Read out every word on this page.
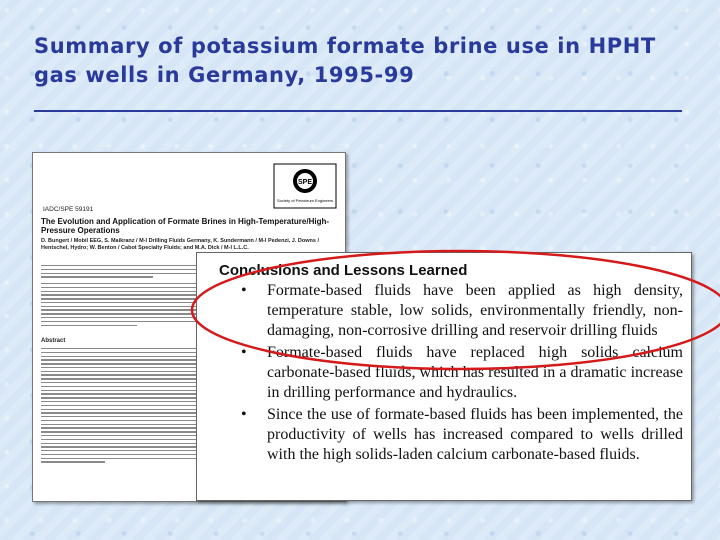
Summary of potassium formate brine use in HPHT gas wells in Germany, 1995-99
SPE
Society of Petroleum Engineers
IADC/SPE 59191
The Evolution and Application of Formate Brines in High-Temperature/High-Pressure Operations
D. Bungert / Mobil EEG, S. Maikranz / M-I Drilling Fluids Germany, K. Sundermann / M-I Pedenzi, J. Downs / Hentschel, Hydro; W. Benton / Cabot Specialty Fluids; and M.A. Dick / M-I L.L.C.
Abstract
Conclusions and Lessons Learned
• Formate-based fluids have been applied as high density, temperature stable, low solids, environmentally friendly, non-damaging, non-corrosive drilling and reservoir drilling fluids
• Formate-based fluids have replaced high solids calcium carbonate-based fluids, which has resulted in a dramatic increase in drilling performance and hydraulics.
• Since the use of formate-based fluids has been implemented, the productivity of wells has increased compared to wells drilled with the high solids-laden calcium carbonate-based fluids.
